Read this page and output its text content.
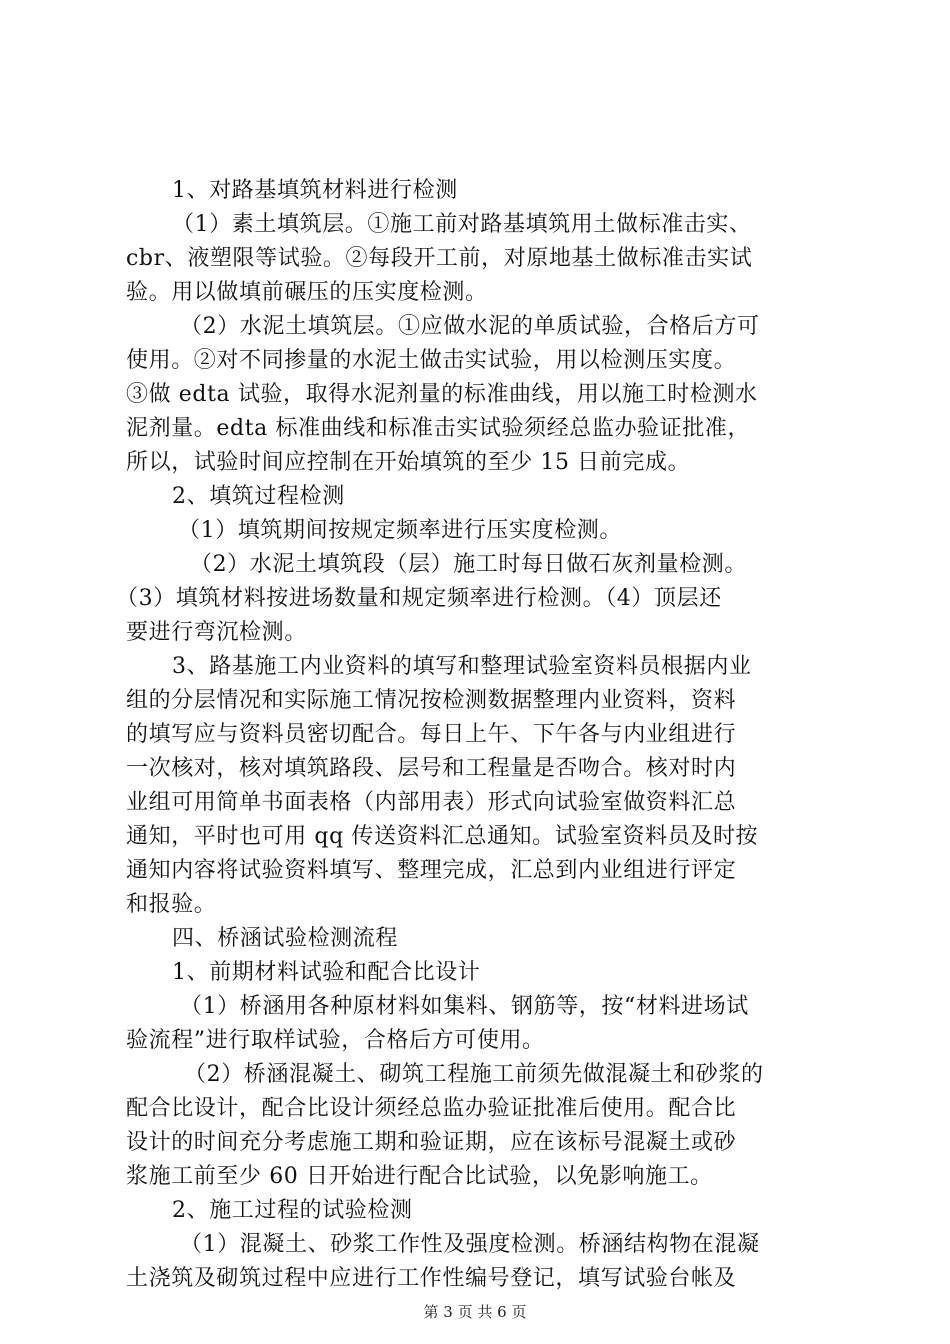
1、对路基填筑材料进行检测
（1）素土填筑层。①施工前对路基填筑用土做标准击实、
cbr、液塑限等试验。②每段开工前，对原地基土做标准击实试
验。用以做填前碾压的压实度检测。
（2）水泥土填筑层。①应做水泥的单质试验，合格后方可
使用。②对不同掺量的水泥土做击实试验，用以检测压实度。
③做 edta 试验，取得水泥剂量的标准曲线，用以施工时检测水
泥剂量。edta 标准曲线和标准击实试验须经总监办验证批准，
所以，试验时间应控制在开始填筑的至少 15 日前完成。
2、填筑过程检测
（1）填筑期间按规定频率进行压实度检测。
（2）水泥土填筑段（层）施工时每日做石灰剂量检测。
（3）填筑材料按进场数量和规定频率进行检测。（4）顶层还
要进行弯沉检测。
3、路基施工内业资料的填写和整理试验室资料员根据内业
组的分层情况和实际施工情况按检测数据整理内业资料，资料
的填写应与资料员密切配合。每日上午、下午各与内业组进行
一次核对，核对填筑路段、层号和工程量是否吻合。核对时内
业组可用简单书面表格（内部用表）形式向试验室做资料汇总
通知，平时也可用 qq 传送资料汇总通知。试验室资料员及时按
通知内容将试验资料填写、整理完成，汇总到内业组进行评定
和报验。
四、桥涵试验检测流程
1、前期材料试验和配合比设计
（1）桥涵用各种原材料如集料、钢筋等，按“材料进场试
验流程”进行取样试验，合格后方可使用。
（2）桥涵混凝土、砌筑工程施工前须先做混凝土和砂浆的
配合比设计，配合比设计须经总监办验证批准后使用。配合比
设计的时间充分考虑施工期和验证期，应在该标号混凝土或砂
浆施工前至少 60 日开始进行配合比试验，以免影响施工。
2、施工过程的试验检测
（1）混凝土、砂浆工作性及强度检测。桥涵结构物在混凝
土浇筑及砌筑过程中应进行工作性编号登记，填写试验台帐及
第 3 页 共 6 页
